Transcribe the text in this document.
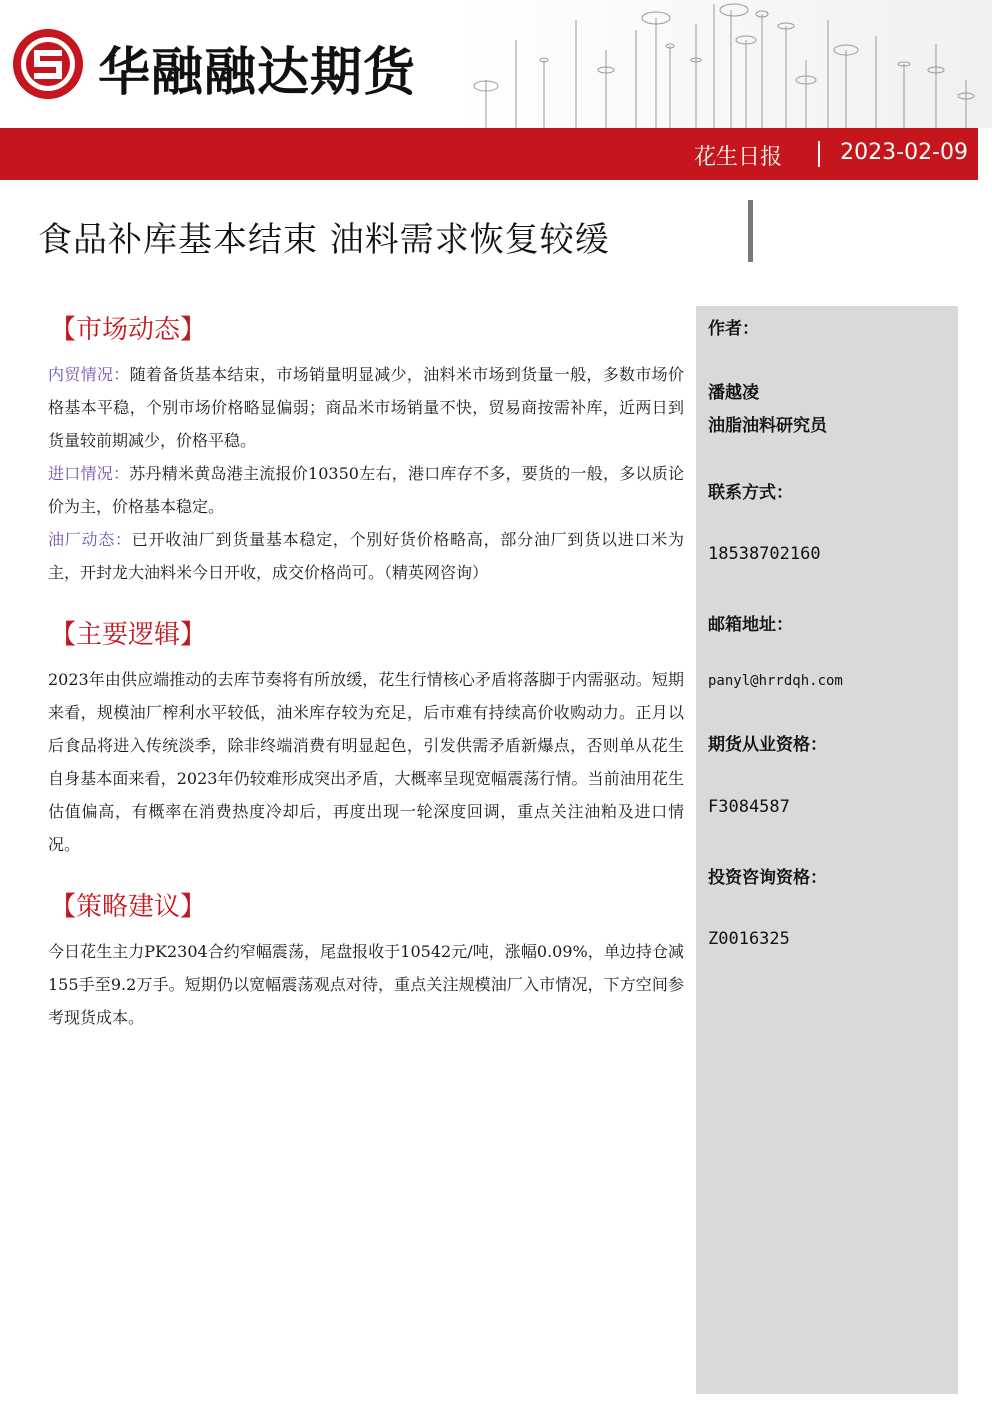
华融融达期货
花生日报	2023-02-09
食品补库基本结束 油料需求恢复较缓
【市场动态】

内贸情况：随着备货基本结束，市场销量明显减少，油料米市场到货量一般，多数市场价格基本平稳，个别市场价格略显偏弱；商品米市场销量不快，贸易商按需补库，近两日到货量较前期减少，价格平稳。

进口情况：苏丹精米黄岛港主流报价10350左右，港口库存不多，要货的一般，多以质论价为主，价格基本稳定。

油厂动态：已开收油厂到货量基本稳定，个别好货价格略高，部分油厂到货以进口米为主，开封龙大油料米今日开收，成交价格尚可。（精英网咨询）

【主要逻辑】

2023年由供应端推动的去库节奏将有所放缓，花生行情核心矛盾将落脚于内需驱动。短期来看，规模油厂榨利水平较低，油米库存较为充足，后市难有持续高价收购动力。正月以后食品将进入传统淡季，除非终端消费有明显起色，引发供需矛盾新爆点，否则单从花生自身基本面来看，2023年仍较难形成突出矛盾，大概率呈现宽幅震荡行情。当前油用花生估值偏高，有概率在消费热度冷却后，再度出现一轮深度回调，重点关注油粕及进口情况。

【策略建议】

今日花生主力PK2304合约窄幅震荡，尾盘报收于10542元/吨，涨幅0.09%，单边持仓减155手至9.2万手。短期仍以宽幅震荡观点对待，重点关注规模油厂入市情况，下方空间参考现货成本。

作者：
潘越凌
油脂油料研究员
联系方式：
18538702160
邮箱地址：
panyl@hrrdqh.com
期货从业资格：
F3084587
投资咨询资格：
Z0016325
